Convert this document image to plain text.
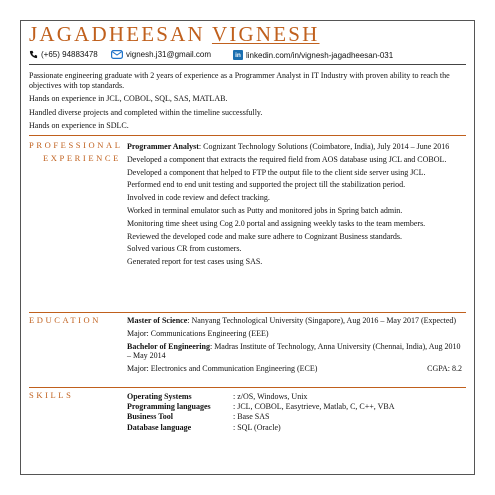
JAGADHEESAN VIGNESH
(+65) 94883478	vignesh.j31@gmail.com	in linkedin.com/in/vignesh-jagadheesan-031

Passionate engineering graduate with 2 years of experience as a Programmer Analyst in IT Industry with proven ability to reach the objectives with top standards.

Hands on experience in JCL, COBOL, SQL, SAS, MATLAB.

Handled diverse projects and completed within the timeline successfully.

Hands on experience in SDLC.

PROFESSIONAL
EXPERIENCE

Programmer Analyst: Cognizant Technology Solutions (Coimbatore, India), July 2014 – June 2016

Developed a component that extracts the required field from AOS database using JCL and COBOL.

Developed a component that helped to FTP the output file to the client side server using JCL.

Performed end to end unit testing and supported the project till the stabilization period.

Involved in code review and defect tracking.

Worked in terminal emulator such as Putty and monitored jobs in Spring batch admin.

Monitoring time sheet using Cog 2.0 portal and assigning weekly tasks to the team members.

Reviewed the developed code and make sure adhere to Cognizant Business standards.

Solved various CR from customers.

Generated report for test cases using SAS.

EDUCATION	Master of Science: Nanyang Technological University (Singapore), Aug 2016 – May 2017 (Expected)

Major: Communications Engineering (EEE)

Bachelor of Engineering: Madras Institute of Technology, Anna University (Chennai, India), Aug 2010 – May 2014

Major: Electronics and Communication Engineering (ECE)	CGPA: 8.2

SKILLS	Operating Systems	: z/OS, Windows, Unix
Programming languages	: JCL, COBOL, Easytrieve, Matlab, C, C++, VBA
Business Tool	: Base SAS
Database language	: SQL (Oracle)
